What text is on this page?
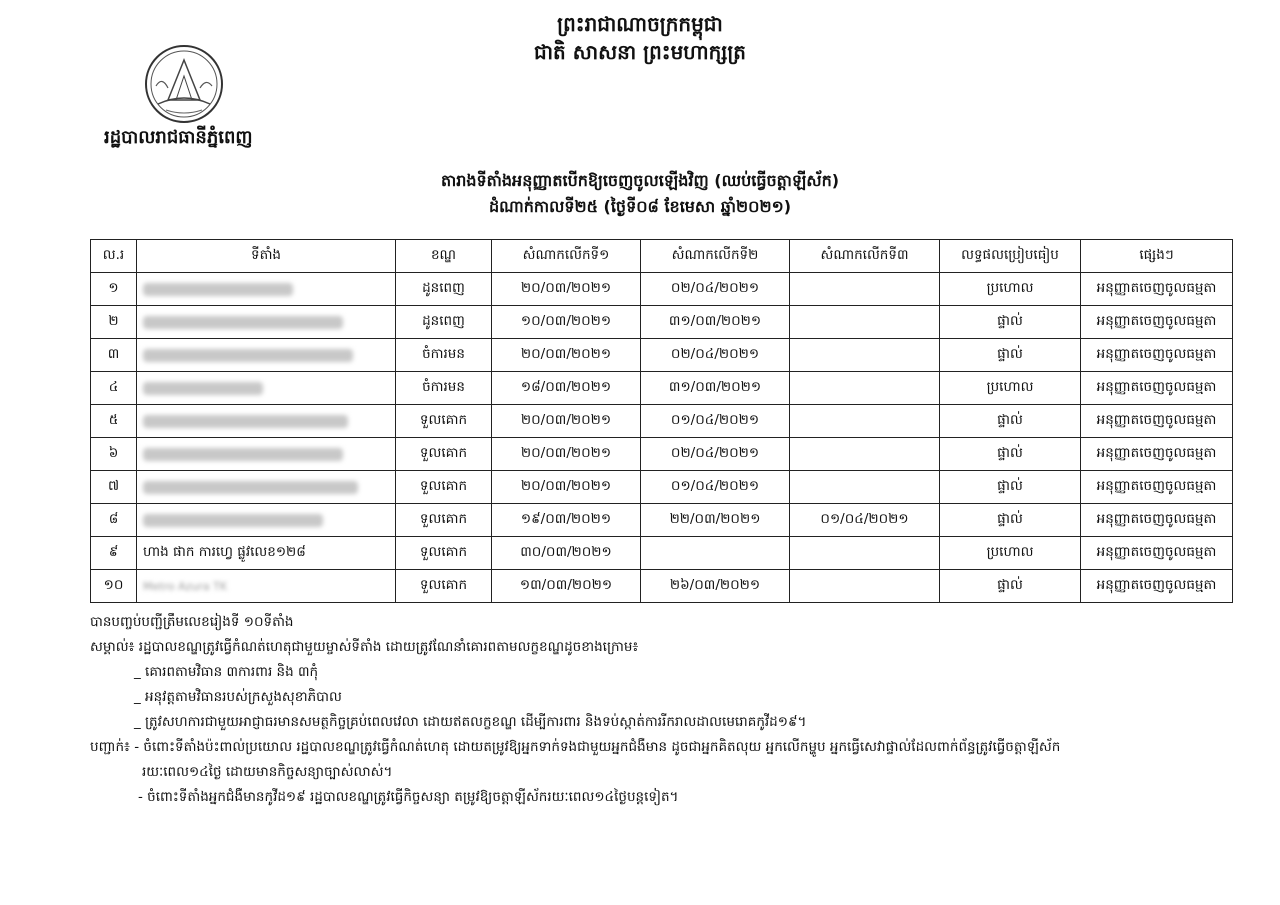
ព្រះរាជាណាចក្រកម្ពុជា
ជាតិ សាសនា ព្រះមហាក្សត្រ
រដ្ឋបាលរាជធានីភ្នំពេញ
តារាងទីតាំងអនុញ្ញាតបើកឱ្យចេញចូលឡើងវិញ (ឈប់ធ្វើចត្តាឡីស័ក)
ដំណាក់កាលទី២៥ (ថ្ងៃទី០៨ ខែមេសា ឆ្នាំ២០២១)
ល.រ	ទីតាំង	ខណ្ឌ	សំណាកលើកទី១	សំណាកលើកទី២	សំណាកលើកទី៣	លទ្ធផលប្រៀបធៀប	ផ្សេងៗ
១		ដូនពេញ	២០/០៣/២០២១	០២/០៤/២០២១		ប្រហោល	អនុញ្ញាតចេញចូលធម្មតា
២		ដូនពេញ	១០/០៣/២០២១	៣១/០៣/២០២១		ផ្ទាល់	អនុញ្ញាតចេញចូលធម្មតា
៣		ចំការមន	២០/០៣/២០២១	០២/០៤/២០២១		ផ្ទាល់	អនុញ្ញាតចេញចូលធម្មតា
៤		ចំការមន	១៨/០៣/២០២១	៣១/០៣/២០២១		ប្រហោល	អនុញ្ញាតចេញចូលធម្មតា
៥		ទួលគោក	២០/០៣/២០២១	០១/០៤/២០២១		ផ្ទាល់	អនុញ្ញាតចេញចូលធម្មតា
៦		ទួលគោក	២០/០៣/២០២១	០២/០៤/២០២១		ផ្ទាល់	អនុញ្ញាតចេញចូលធម្មតា
៧		ទួលគោក	២០/០៣/២០២១	០១/០៤/២០២១		ផ្ទាល់	អនុញ្ញាតចេញចូលធម្មតា
៨		ទួលគោក	១៩/០៣/២០២១	២២/០៣/២០២១	០១/០៤/២០២១	ផ្ទាល់	អនុញ្ញាតចេញចូលធម្មតា
៩	ហាង ផាក ការហ្វេ ផ្លូវលេខ១២៨	ទួលគោក	៣០/០៣/២០២១			ប្រហោល	អនុញ្ញាតចេញចូលធម្មតា
១០	Metro Azura TK	ទួលគោក	១៣/០៣/២០២១	២៦/០៣/២០២១		ផ្ទាល់	អនុញ្ញាតចេញចូលធម្មតា
បានបញ្ចប់បញ្ជីត្រឹមលេខរៀងទី ១០ទីតាំង
សម្គាល់៖ រដ្ឋបាលខណ្ឌត្រូវធ្វើកំណត់ហេតុជាមួយម្ចាស់ទីតាំង ដោយត្រូវណែនាំគោរពតាមលក្ខខណ្ឌដូចខាងក្រោម៖
_ គោរពតាមវិធាន ៣ការពារ និង ៣កុំ
_ អនុវត្តតាមវិធានរបស់ក្រសួងសុខាភិបាល
_ ត្រូវសហការជាមួយអាជ្ញាធរមានសមត្ថកិច្ចគ្រប់ពេលវេលា ដោយឥតលក្ខខណ្ឌ ដើម្បីការពារ និងទប់ស្កាត់ការរីករាលដាលមេរោគកូវីដ១៩។
បញ្ជាក់៖ - ចំពោះទីតាំងប៉ះពាល់ប្រយោល រដ្ឋបាលខណ្ឌត្រូវធ្វើកំណត់ហេតុ ដោយតម្រូវឱ្យអ្នកទាក់ទងជាមួយអ្នកជំងឺមាន ដូចជាអ្នកគិតលុយ អ្នកលើកម្ហូប អ្នកធ្វើសេវាផ្ទាល់ដែលពាក់ព័ន្ធត្រូវធ្វើចត្តាឡីស័ក
រយៈពេល១៤ថ្ងៃ ដោយមានកិច្ចសន្យាច្បាស់លាស់។
- ចំពោះទីតាំងអ្នកជំងឺមានកូវីដ១៩ រដ្ឋបាលខណ្ឌត្រូវធ្វើកិច្ចសន្យា តម្រូវឱ្យចត្តាឡីស័ករយៈពេល១៤ថ្ងៃបន្តទៀត។
